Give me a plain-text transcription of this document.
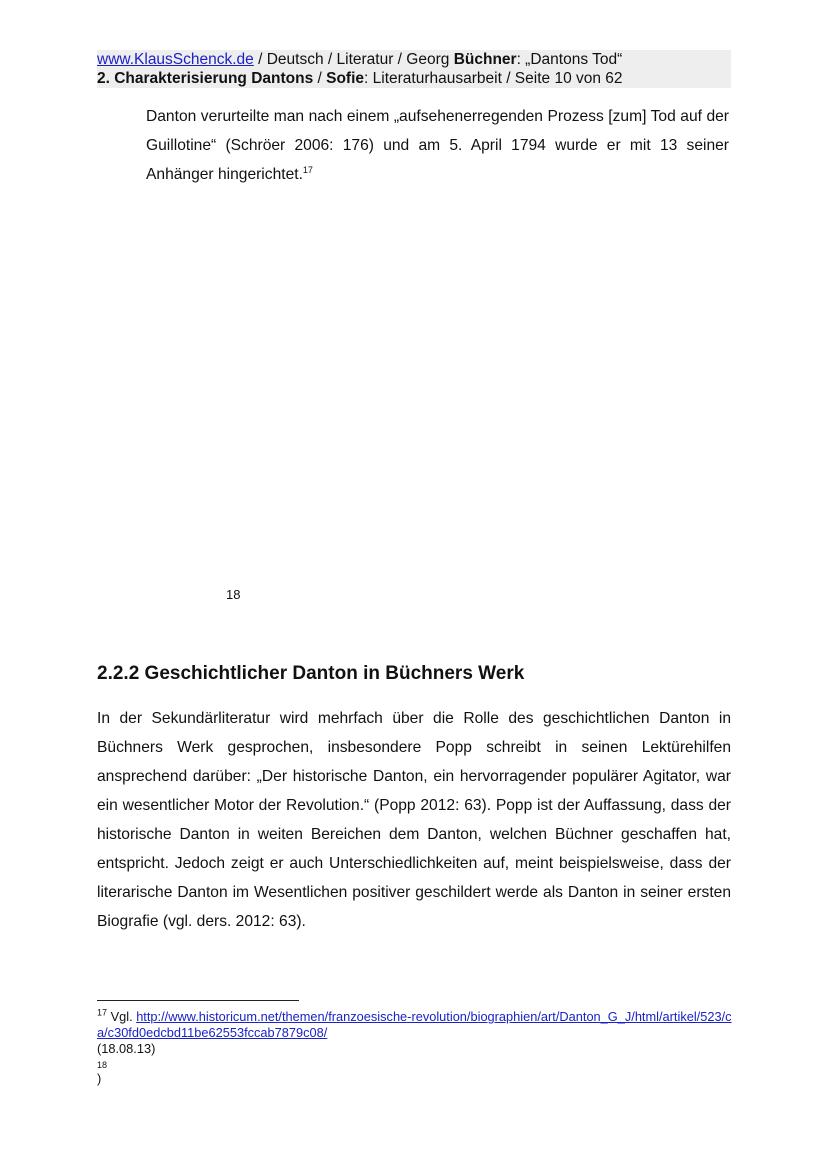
www.KlausSchenck.de / Deutsch / Literatur / Georg Büchner: „Dantons Tod“
2. Charakterisierung Dantons / Sofie: Literaturhausarbeit / Seite 10 von 62
Danton verurteilte man nach einem „aufsehenerregenden Prozess [zum] Tod auf der Guillotine“ (Schröer 2006: 176) und am 5. April 1794 wurde er mit 13 seiner Anhänger hingerichtet.$^{17}$
18
2.2.2 Geschichtlicher Danton in Büchners Werk
In der Sekundärliteratur wird mehrfach über die Rolle des geschichtlichen Danton in Büchners Werk gesprochen, insbesondere Popp schreibt in seinen Lektürehilfen ansprechend darüber: „Der historische Danton, ein hervorragender populärer Agitator, war ein wesentlicher Motor der Revolution.“ (Popp 2012: 63). Popp ist der Auffassung, dass der historische Danton in weiten Bereichen dem Danton, welchen Büchner geschaffen hat, entspricht. Jedoch zeigt er auch Unterschiedlichkeiten auf, meint beispielsweise, dass der literarische Danton im Wesentlichen positiver geschildert werde als Danton in seiner ersten Biografie (vgl. ders. 2012: 63).
$^{17}$ Vgl. http://www.historicum.net/themen/franzoesische-revolution/biographien/art/Danton_G_J/html/artikel/523/ca/c30fd0edcbd11be62553fccab7879c08/
(18.08.13)
18
)
